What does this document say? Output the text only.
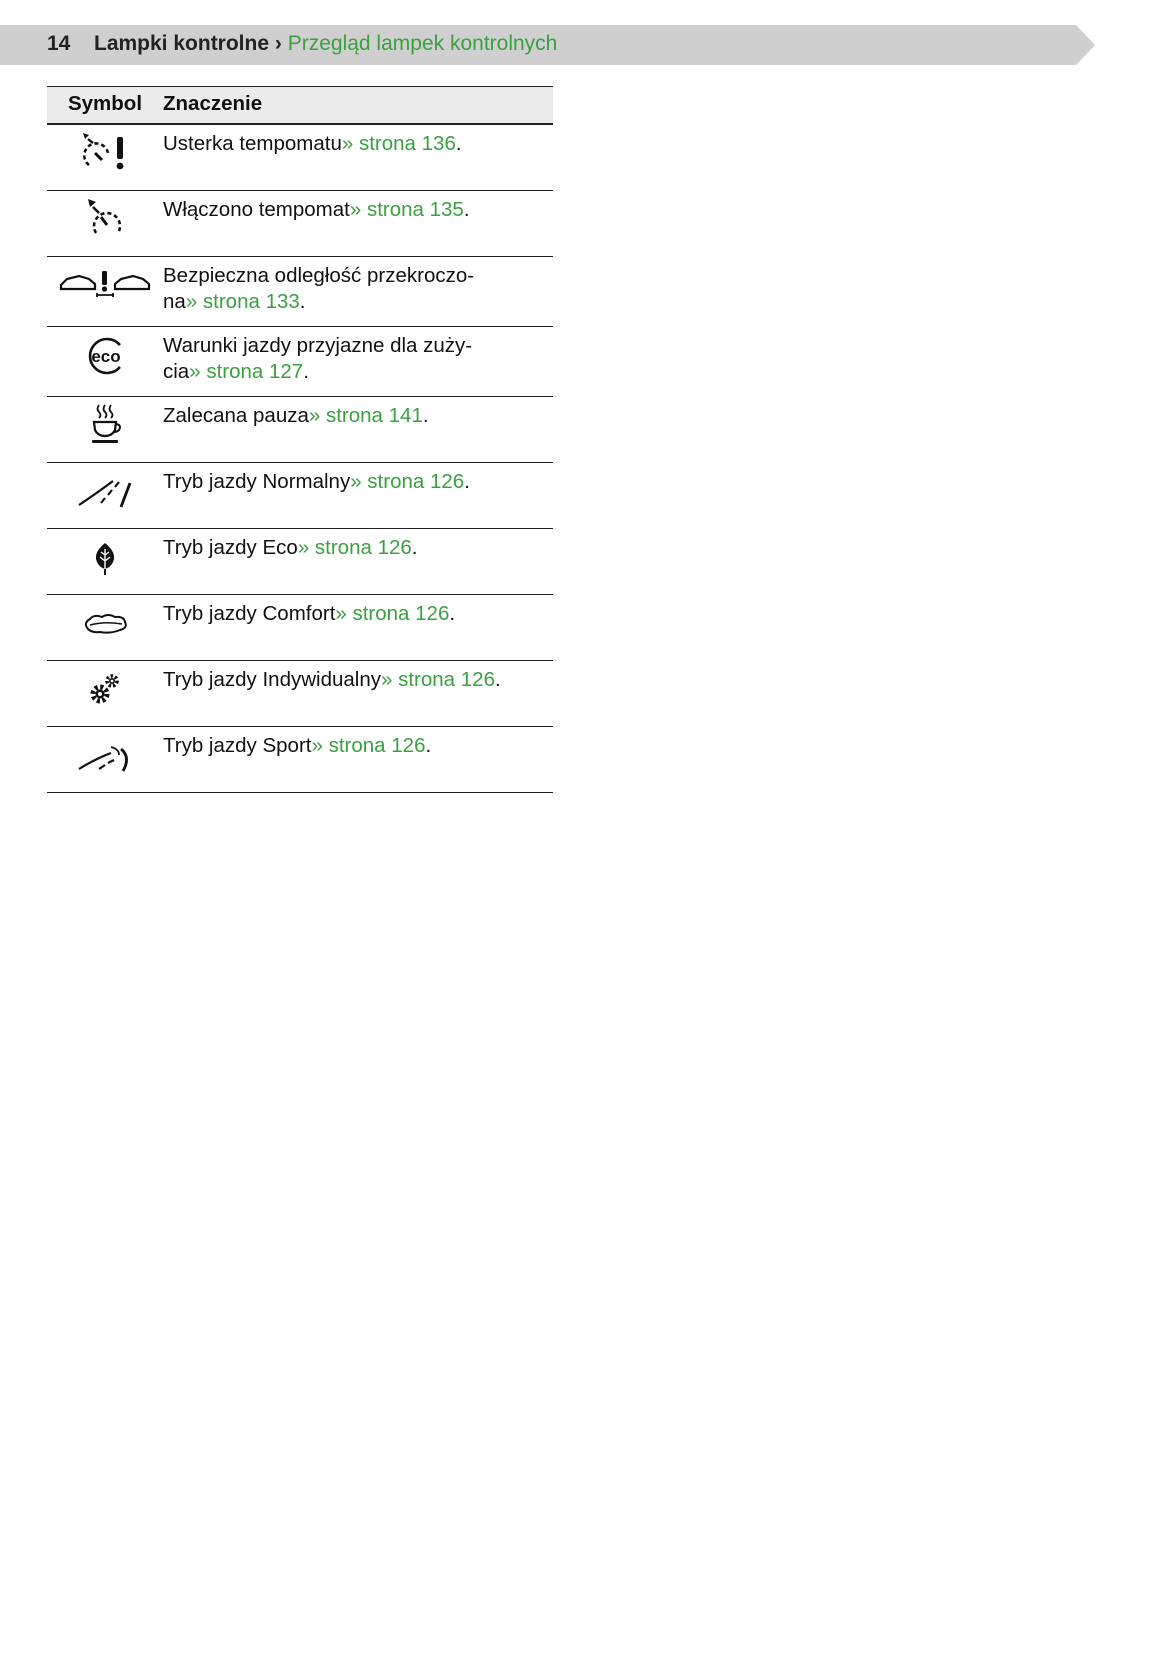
14 Lampki kontrolne › Przegląd lampek kontrolnych
Symbol	Znaczenie

	Usterka tempomatu» strona 136.

	Włączono tempomat» strona 135.

	Bezpieczna odległość przekroczo-
na» strona 133.

eco	Warunki jazdy przyjazne dla zuży-
cia» strona 127.

	Zalecana pauza» strona 141.

	Tryb jazdy Normalny» strona 126.

	Tryb jazdy Eco» strona 126.

	Tryb jazdy Comfort» strona 126.

	Tryb jazdy Indywidualny» strona 126.

	Tryb jazdy Sport» strona 126.
